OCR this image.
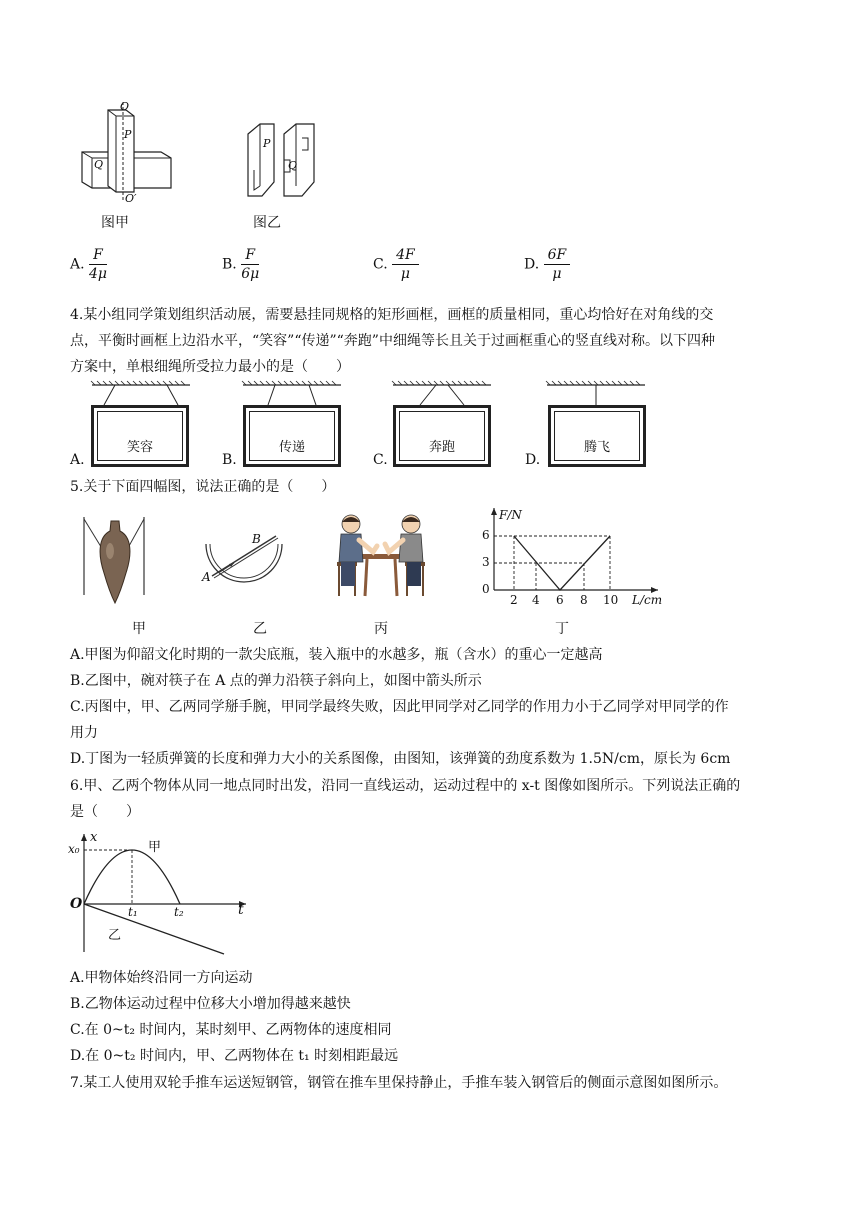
O
P
Q
O′
P
Q
图甲	图乙
A. $\frac{F}{4\mu}$	B. $\frac{F}{6\mu}$	C. $\frac{4F}{\mu}$	D. $\frac{6F}{\mu}$
4.某小组同学策划组织活动展，需要悬挂同规格的矩形画框，画框的质量相同，重心均恰好在对角线的交
点，平衡时画框上边沿水平，“笑容”“传递”“奔跑”中细绳等长且关于过画框重心的竖直线对称。以下四种
方案中，单根细绳所受拉力最小的是（　　）
笑容	传递	奔跑	腾飞
A.	B.	C.	D.
5.关于下面四幅图，说法正确的是（　　）
A
B
F/N
6
3
0
2 4 6 8 10 L/cm
甲	乙	丙	丁
A.甲图为仰韶文化时期的一款尖底瓶，装入瓶中的水越多，瓶（含水）的重心一定越高
B.乙图中，碗对筷子在 A 点的弹力沿筷子斜向上，如图中箭头所示
C.丙图中，甲、乙两同学掰手腕，甲同学最终失败，因此甲同学对乙同学的作用力小于乙同学对甲同学的作
用力
D.丁图为一轻质弹簧的长度和弹力大小的关系图像，由图知，该弹簧的劲度系数为 1.5N/cm，原长为 6cm
6.甲、乙两个物体从同一地点同时出发，沿同一直线运动，运动过程中的 x-t 图像如图所示。下列说法正确的
是（　　）
x
x₀	甲
O	t₁	t₂	t
乙
A.甲物体始终沿同一方向运动
B.乙物体运动过程中位移大小增加得越来越快
C.在 0~t₂ 时间内，某时刻甲、乙两物体的速度相同
D.在 0~t₂ 时间内，甲、乙两物体在 t₁ 时刻相距最远
7.某工人使用双轮手推车运送短钢管，钢管在推车里保持静止，手推车装入钢管后的侧面示意图如图所示。
